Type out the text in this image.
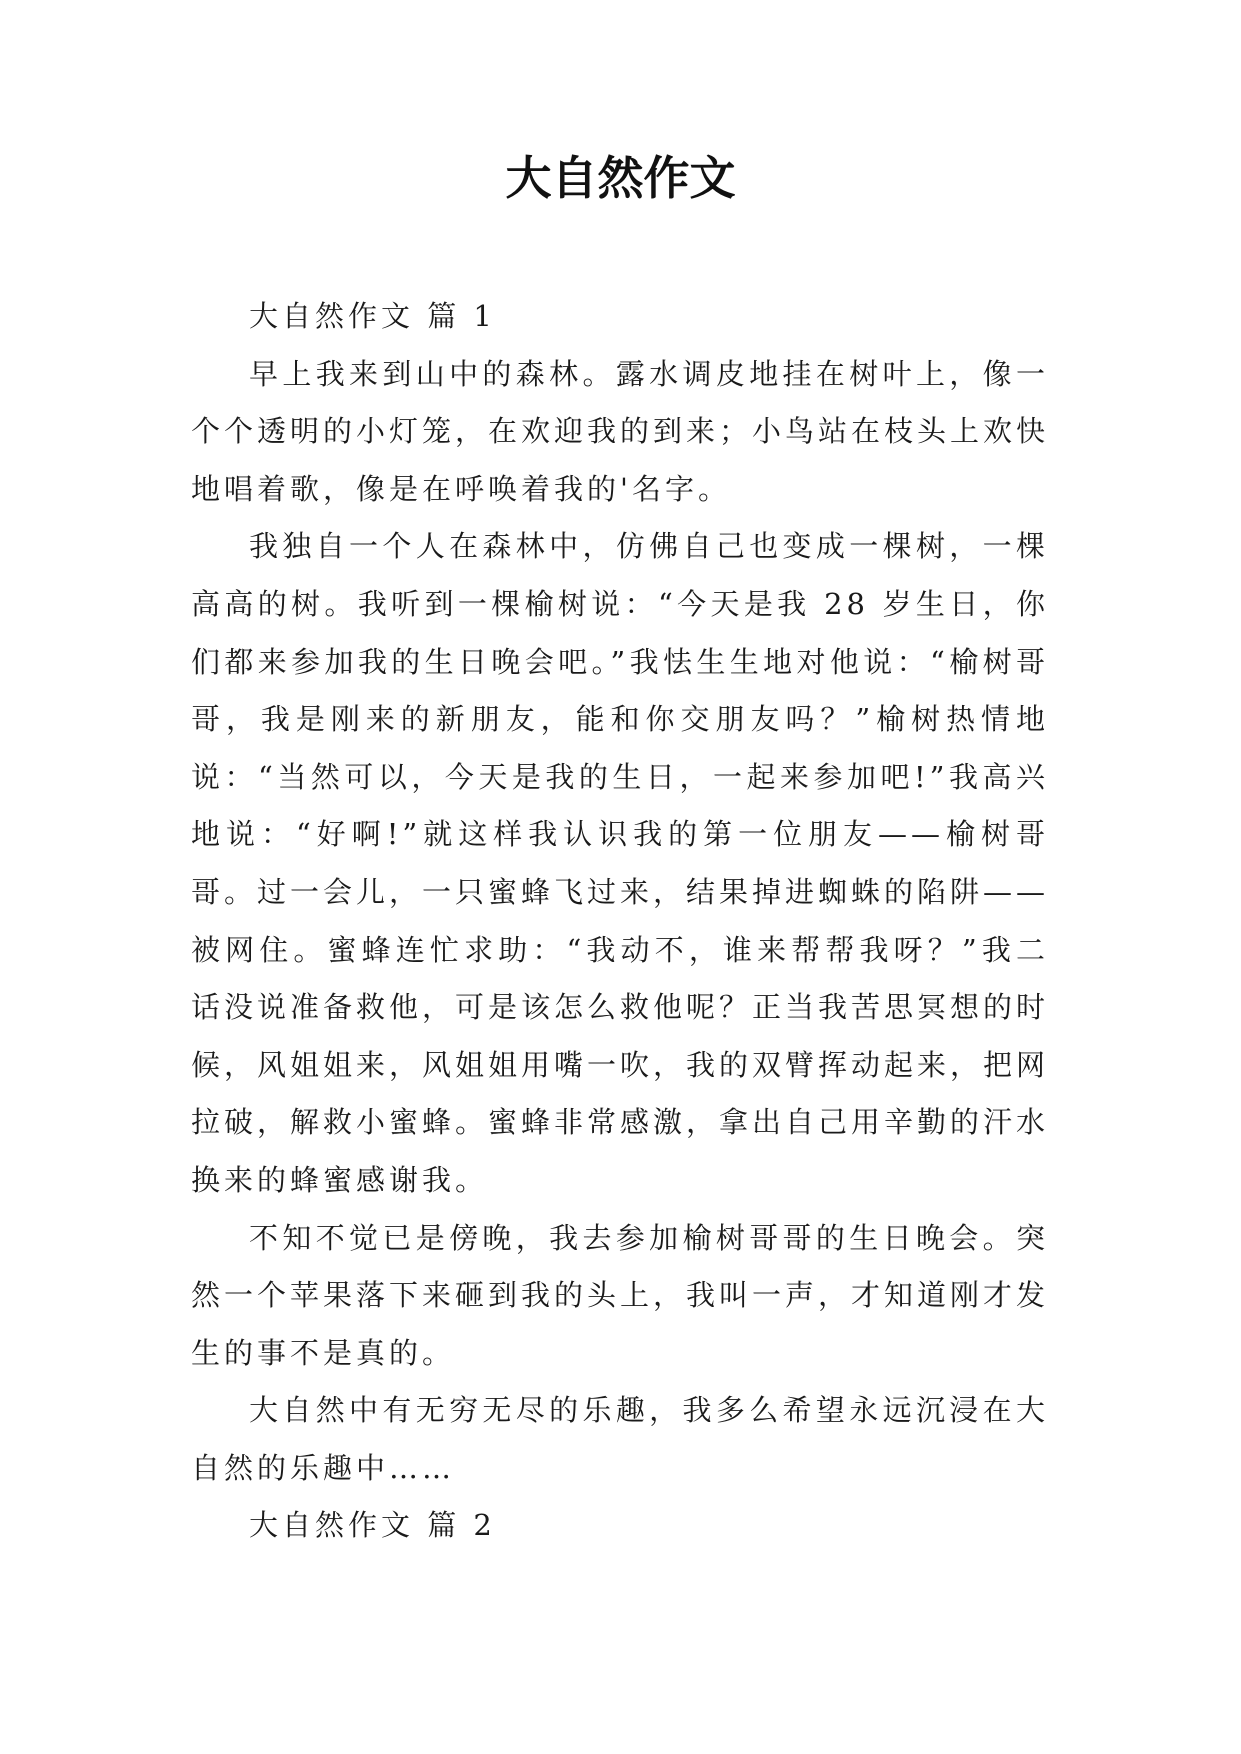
大自然作文

大自然作文 篇 1

早上我来到山中的森林。露水调皮地挂在树叶上，像一个个透明的小灯笼，在欢迎我的到来；小鸟站在枝头上欢快地唱着歌，像是在呼唤着我的'名字。

我独自一个人在森林中，仿佛自己也变成一棵树，一棵高高的树。我听到一棵榆树说：“今天是我 28 岁生日，你们都来参加我的生日晚会吧。”我怯生生地对他说：“榆树哥哥，我是刚来的新朋友，能和你交朋友吗？”榆树热情地说：“当然可以，今天是我的生日，一起来参加吧!”我高兴地说：“好啊!”就这样我认识我的第一位朋友——榆树哥哥。过一会儿，一只蜜蜂飞过来，结果掉进蜘蛛的陷阱——被网住。蜜蜂连忙求助：“我动不，谁来帮帮我呀？”我二话没说准备救他，可是该怎么救他呢？正当我苦思冥想的时候，风姐姐来，风姐姐用嘴一吹，我的双臂挥动起来，把网拉破，解救小蜜蜂。蜜蜂非常感激，拿出自己用辛勤的汗水换来的蜂蜜感谢我。

不知不觉已是傍晚，我去参加榆树哥哥的生日晚会。突然一个苹果落下来砸到我的头上，我叫一声，才知道刚才发生的事不是真的。

大自然中有无穷无尽的乐趣，我多么希望永远沉浸在大自然的乐趣中……

大自然作文 篇 2
